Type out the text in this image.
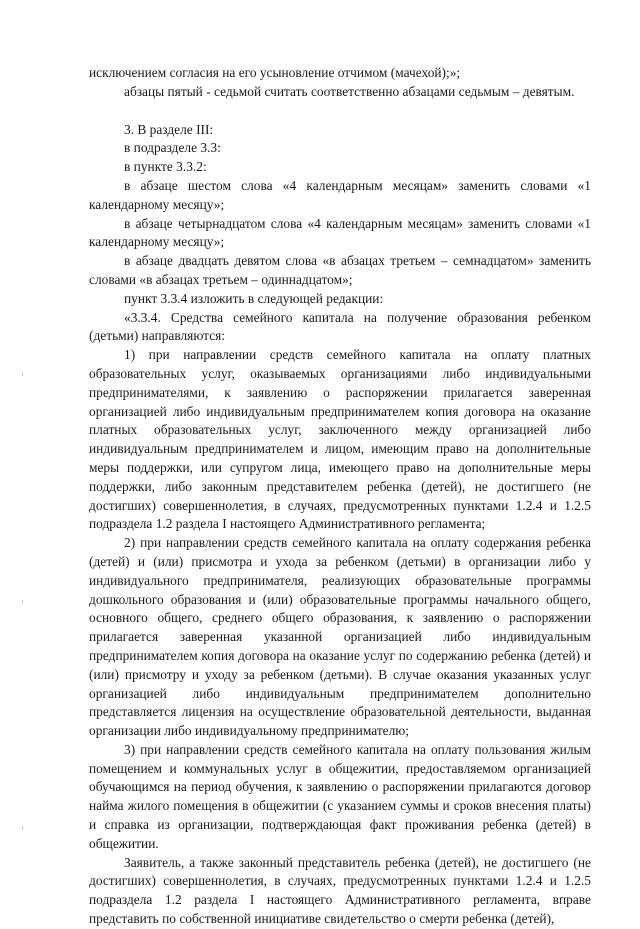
исключением согласия на его усыновление отчимом (мачехой);»;

абзацы пятый - седьмой считать соответственно абзацами седьмым – девятым.

3. В разделе III:

в подразделе 3.3:

в пункте 3.3.2:

в абзаце шестом слова «4 календарным месяцам» заменить словами «1 календарному месяцу»;

в абзаце четырнадцатом слова «4 календарным месяцам» заменить словами «1 календарному месяцу»;

в абзаце двадцать девятом слова «в абзацах третьем – семнадцатом» заменить словами «в абзацах третьем – одиннадцатом»;

пункт 3.3.4 изложить в следующей редакции:

«3.3.4. Средства семейного капитала на получение образования ребенком (детьми) направляются:

1) при направлении средств семейного капитала на оплату платных образовательных услуг, оказываемых организациями либо индивидуальными предпринимателями, к заявлению о распоряжении прилагается заверенная организацией либо индивидуальным предпринимателем копия договора на оказание платных образовательных услуг, заключенного между организацией либо индивидуальным предпринимателем и лицом, имеющим право на дополнительные меры поддержки, или супругом лица, имеющего право на дополнительные меры поддержки, либо законным представителем ребенка (детей), не достигшего (не достигших) совершеннолетия, в случаях, предусмотренных пунктами 1.2.4 и 1.2.5 подраздела 1.2 раздела I настоящего Административного регламента;

2) при направлении средств семейного капитала на оплату содержания ребенка (детей) и (или) присмотра и ухода за ребенком (детьми) в организации либо у индивидуального предпринимателя, реализующих образовательные программы дошкольного образования и (или) образовательные программы начального общего, основного общего, среднего общего образования, к заявлению о распоряжении прилагается заверенная указанной организацией либо индивидуальным предпринимателем копия договора на оказание услуг по содержанию ребенка (детей) и (или) присмотру и уходу за ребенком (детьми). В случае оказания указанных услуг организацией либо индивидуальным предпринимателем дополнительно представляется лицензия на осуществление образовательной деятельности, выданная организации либо индивидуальному предпринимателю;

3) при направлении средств семейного капитала на оплату пользования жилым помещением и коммунальных услуг в общежитии, предоставляемом организацией обучающимся на период обучения, к заявлению о распоряжении прилагаются договор найма жилого помещения в общежитии (с указанием суммы и сроков внесения платы) и справка из организации, подтверждающая факт проживания ребенка (детей) в общежитии.

Заявитель, а также законный представитель ребенка (детей), не достигшего (не достигших) совершеннолетия, в случаях, предусмотренных пунктами 1.2.4 и 1.2.5 подраздела 1.2 раздела I настоящего Административного регламента, вправе представить по собственной инициативе свидетельство о смерти ребенка (детей),
